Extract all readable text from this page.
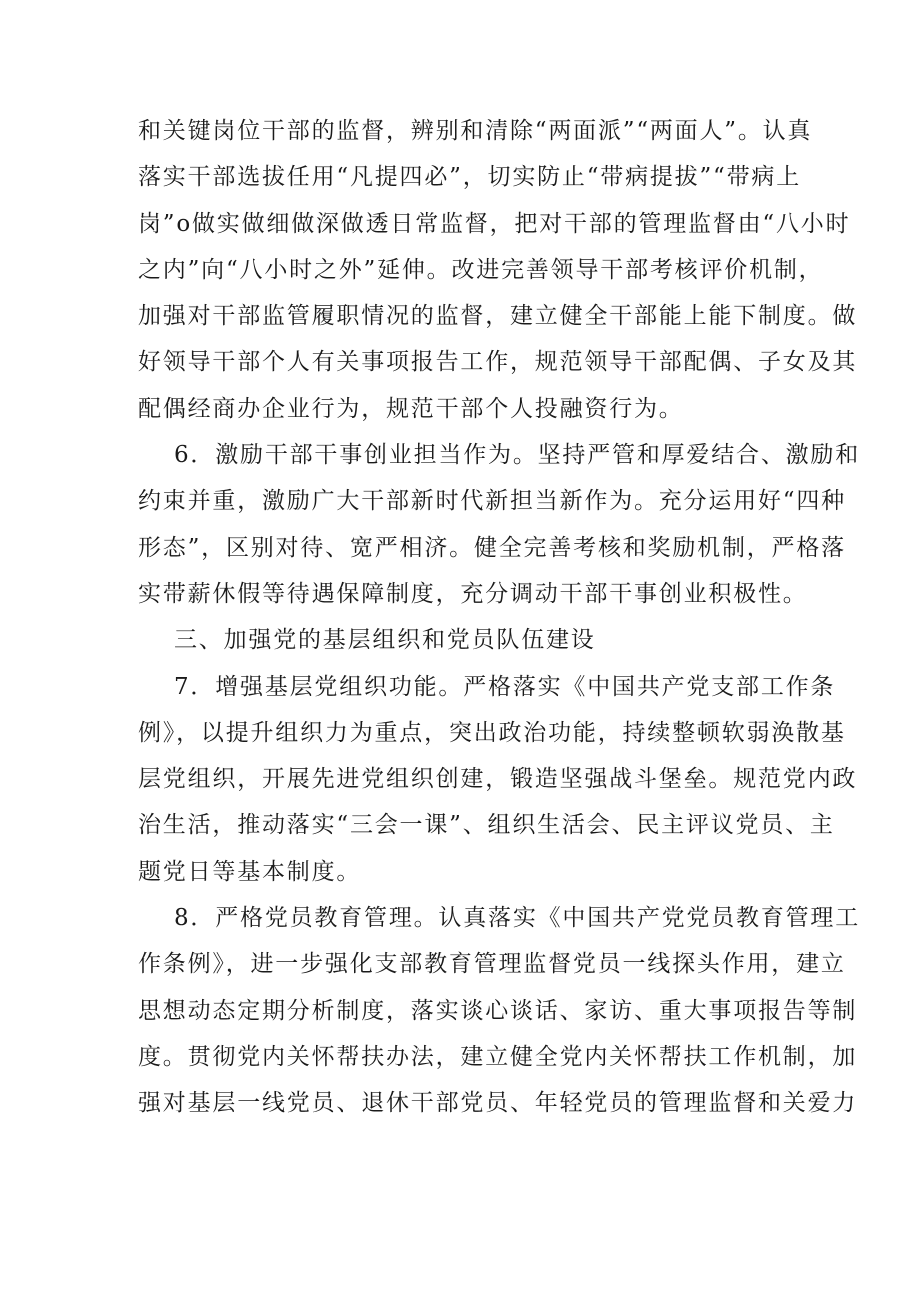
和关键岗位干部的监督，辨别和清除“两面派”“两面人”。认真
落实干部选拔任用“凡提四必”，切实防止“带病提拔”“带病上
岗”o做实做细做深做透日常监督，把对干部的管理监督由“八小时
之内”向“八小时之外”延伸。改进完善领导干部考核评价机制，
加强对干部监管履职情况的监督，建立健全干部能上能下制度。做
好领导干部个人有关事项报告工作，规范领导干部配偶、子女及其
配偶经商办企业行为，规范干部个人投融资行为。
6．激励干部干事创业担当作为。坚持严管和厚爱结合、激励和
约束并重，激励广大干部新时代新担当新作为。充分运用好“四种
形态”，区别对待、宽严相济。健全完善考核和奖励机制，严格落
实带薪休假等待遇保障制度，充分调动干部干事创业积极性。
三、加强党的基层组织和党员队伍建设
7．增强基层党组织功能。严格落实《中国共产党支部工作条
例》，以提升组织力为重点，突出政治功能，持续整顿软弱涣散基
层党组织，开展先进党组织创建，锻造坚强战斗堡垒。规范党内政
治生活，推动落实“三会一课”、组织生活会、民主评议党员、主
题党日等基本制度。
8．严格党员教育管理。认真落实《中国共产党党员教育管理工
作条例》，进一步强化支部教育管理监督党员一线探头作用，建立
思想动态定期分析制度，落实谈心谈话、家访、重大事项报告等制
度。贯彻党内关怀帮扶办法，建立健全党内关怀帮扶工作机制，加
强对基层一线党员、退休干部党员、年轻党员的管理监督和关爱力
